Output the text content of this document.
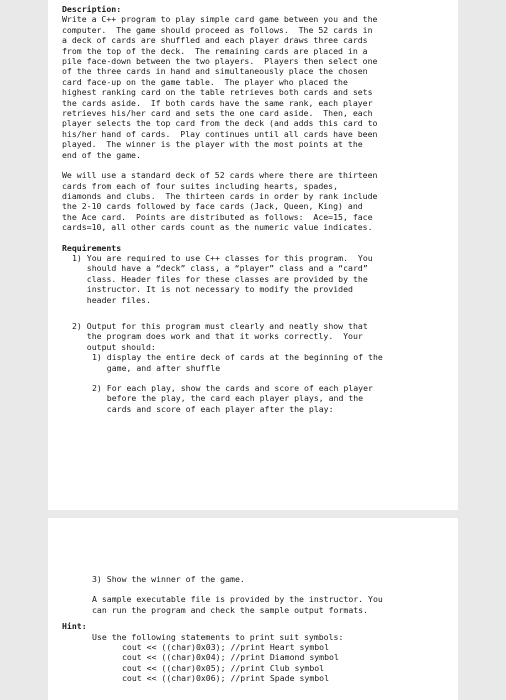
Description:

Write a C++ program to play simple card game between you and the

computer.  The game should proceed as follows.  The 52 cards in

a deck of cards are shuffled and each player draws three cards

from the top of the deck.  The remaining cards are placed in a

pile face-down between the two players.  Players then select one

of the three cards in hand and simultaneously place the chosen

card face-up on the game table.  The player who placed the

highest ranking card on the table retrieves both cards and sets

the cards aside.  If both cards have the same rank, each player

retrieves his/her card and sets the one card aside.  Then, each

player selects the top card from the deck (and adds this card to

his/her hand of cards.  Play continues until all cards have been

played.  The winner is the player with the most points at the

end of the game.

We will use a standard deck of 52 cards where there are thirteen

cards from each of four suites including hearts, spades,

diamonds and clubs.  The thirteen cards in order by rank include

the 2-10 cards followed by face cards (Jack, Queen, King) and

the Ace card.  Points are distributed as follows:  Ace=15, face

cards=10, all other cards count as the numeric value indicates.

Requirements

1) You are required to use C++ classes for this program.  You

should have a “deck” class, a “player” class and a “card”

class. Header files for these classes are provided by the

instructor. It is not necessary to modify the provided

header files.

2) Output for this program must clearly and neatly show that

the program does work and that it works correctly.  Your

output should:

1) display the entire deck of cards at the beginning of the

game, and after shuffle

2) For each play, show the cards and score of each player

before the play, the card each player plays, and the

cards and score of each player after the play:

3) Show the winner of the game.

A sample executable file is provided by the instructor. You

can run the program and check the sample output formats.

Hint:

Use the following statements to print suit symbols:

cout << ((char)0x03); //print Heart symbol

cout << ((char)0x04); //print Diamond symbol

cout << ((char)0x05); //print Club symbol

cout << ((char)0x06); //print Spade symbol
